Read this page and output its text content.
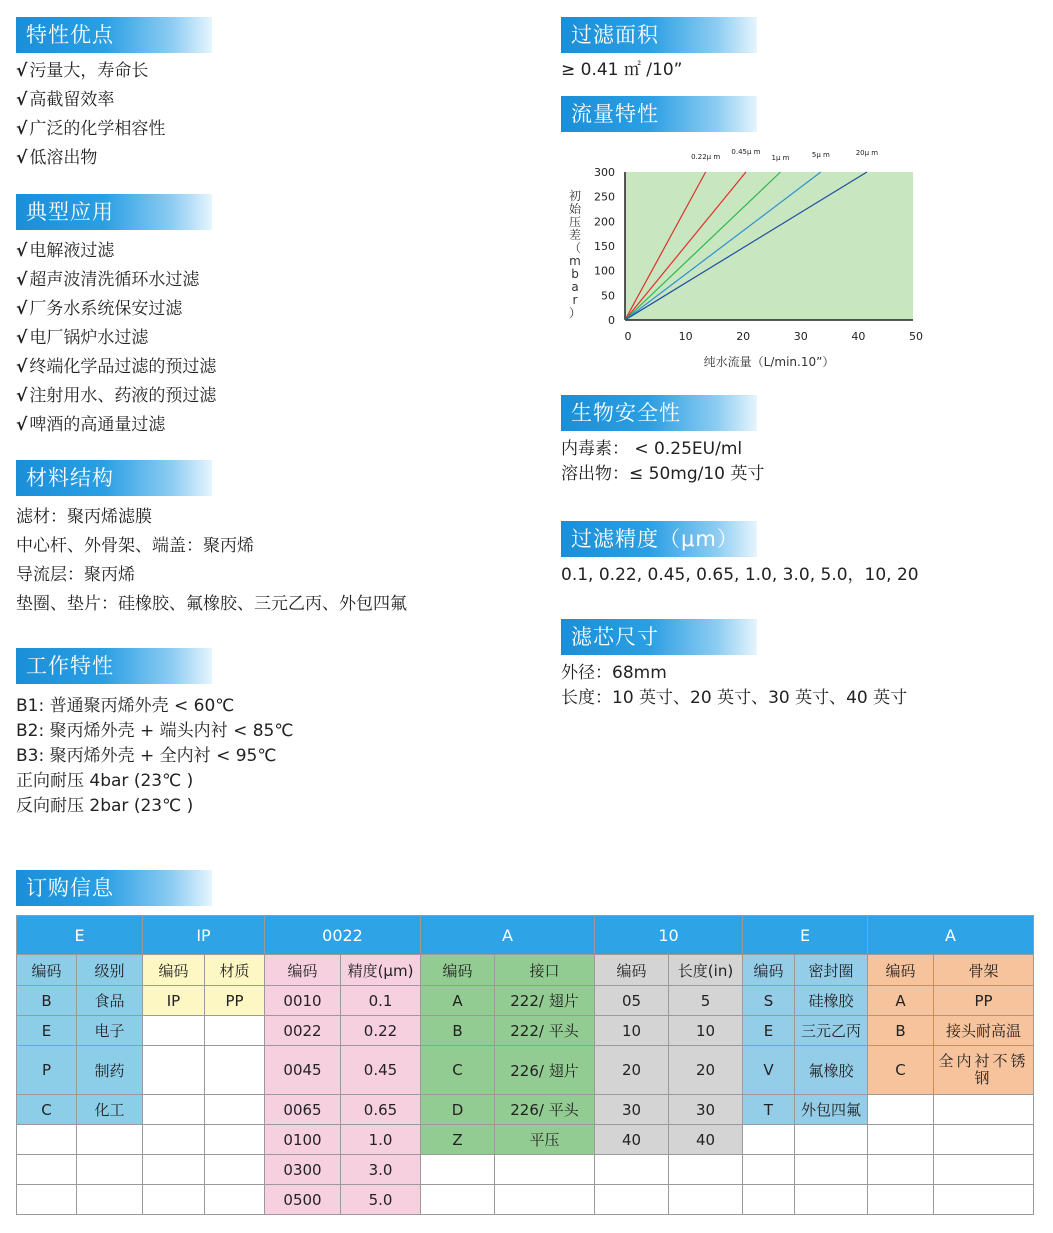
特性优点
√ 污量大，寿命长
√ 高截留效率
√ 广泛的化学相容性
√ 低溶出物
典型应用
√ 电解液过滤
√ 超声波清洗循环水过滤
√ 厂务水系统保安过滤
√ 电厂锅炉水过滤
√ 终端化学品过滤的预过滤
√ 注射用水、药液的预过滤
√ 啤酒的高通量过滤
材料结构
滤材：聚丙烯滤膜
中心杆、外骨架、端盖：聚丙烯
导流层：聚丙烯
垫圈、垫片：硅橡胶、氟橡胶、三元乙丙、外包四氟
工作特性
B1: 普通聚丙烯外壳 < 60℃
B2: 聚丙烯外壳 + 端头内衬 < 85℃
B3: 聚丙烯外壳 + 全内衬 < 95℃
正向耐压 4bar (23℃ )
反向耐压 2bar (23℃ )
过滤面积
≥ 0.41 ㎡ /10”
流量特性
0
50
100
150
200
250
300
0	10	20	30	40	50
0.22μ m
0.45μ m
1μ m	5μ m	20μ m
纯水流量（L/min.10”）
初始压差（ m b a r ）
生物安全性
内毒素： < 0.25EU/ml
溶出物：≤ 50mg/10 英寸
过滤精度（μm）
0.1, 0.22, 0.45, 0.65, 1.0, 3.0, 5.0，10, 20
滤芯尺寸
外径：68mm
长度：10 英寸、20 英寸、30 英寸、40 英寸
订购信息
E		IP		0022		A		10		E		A	
编码	级别	编码	材质	编码	精度(μm)	编码	接口	编码	长度(in)	编码	密封圈	编码	骨架
B	食品	IP	PP	0010	0.1	A	222/ 翅片	05	5	S	硅橡胶	A	PP
E	电子			0022	0.22	B	222/ 平头	10	10	E	三元乙丙	B	接头耐高温
P	制药			0045	0.45	C	226/ 翅片	20	20	V	氟橡胶	C	全内衬不锈钢
C	化工			0065	0.65	D	226/ 平头	30	30	T	外包四氟		
				0100	1.0	Z	平压	40	40				
				0300	3.0								
				0500	5.0								
